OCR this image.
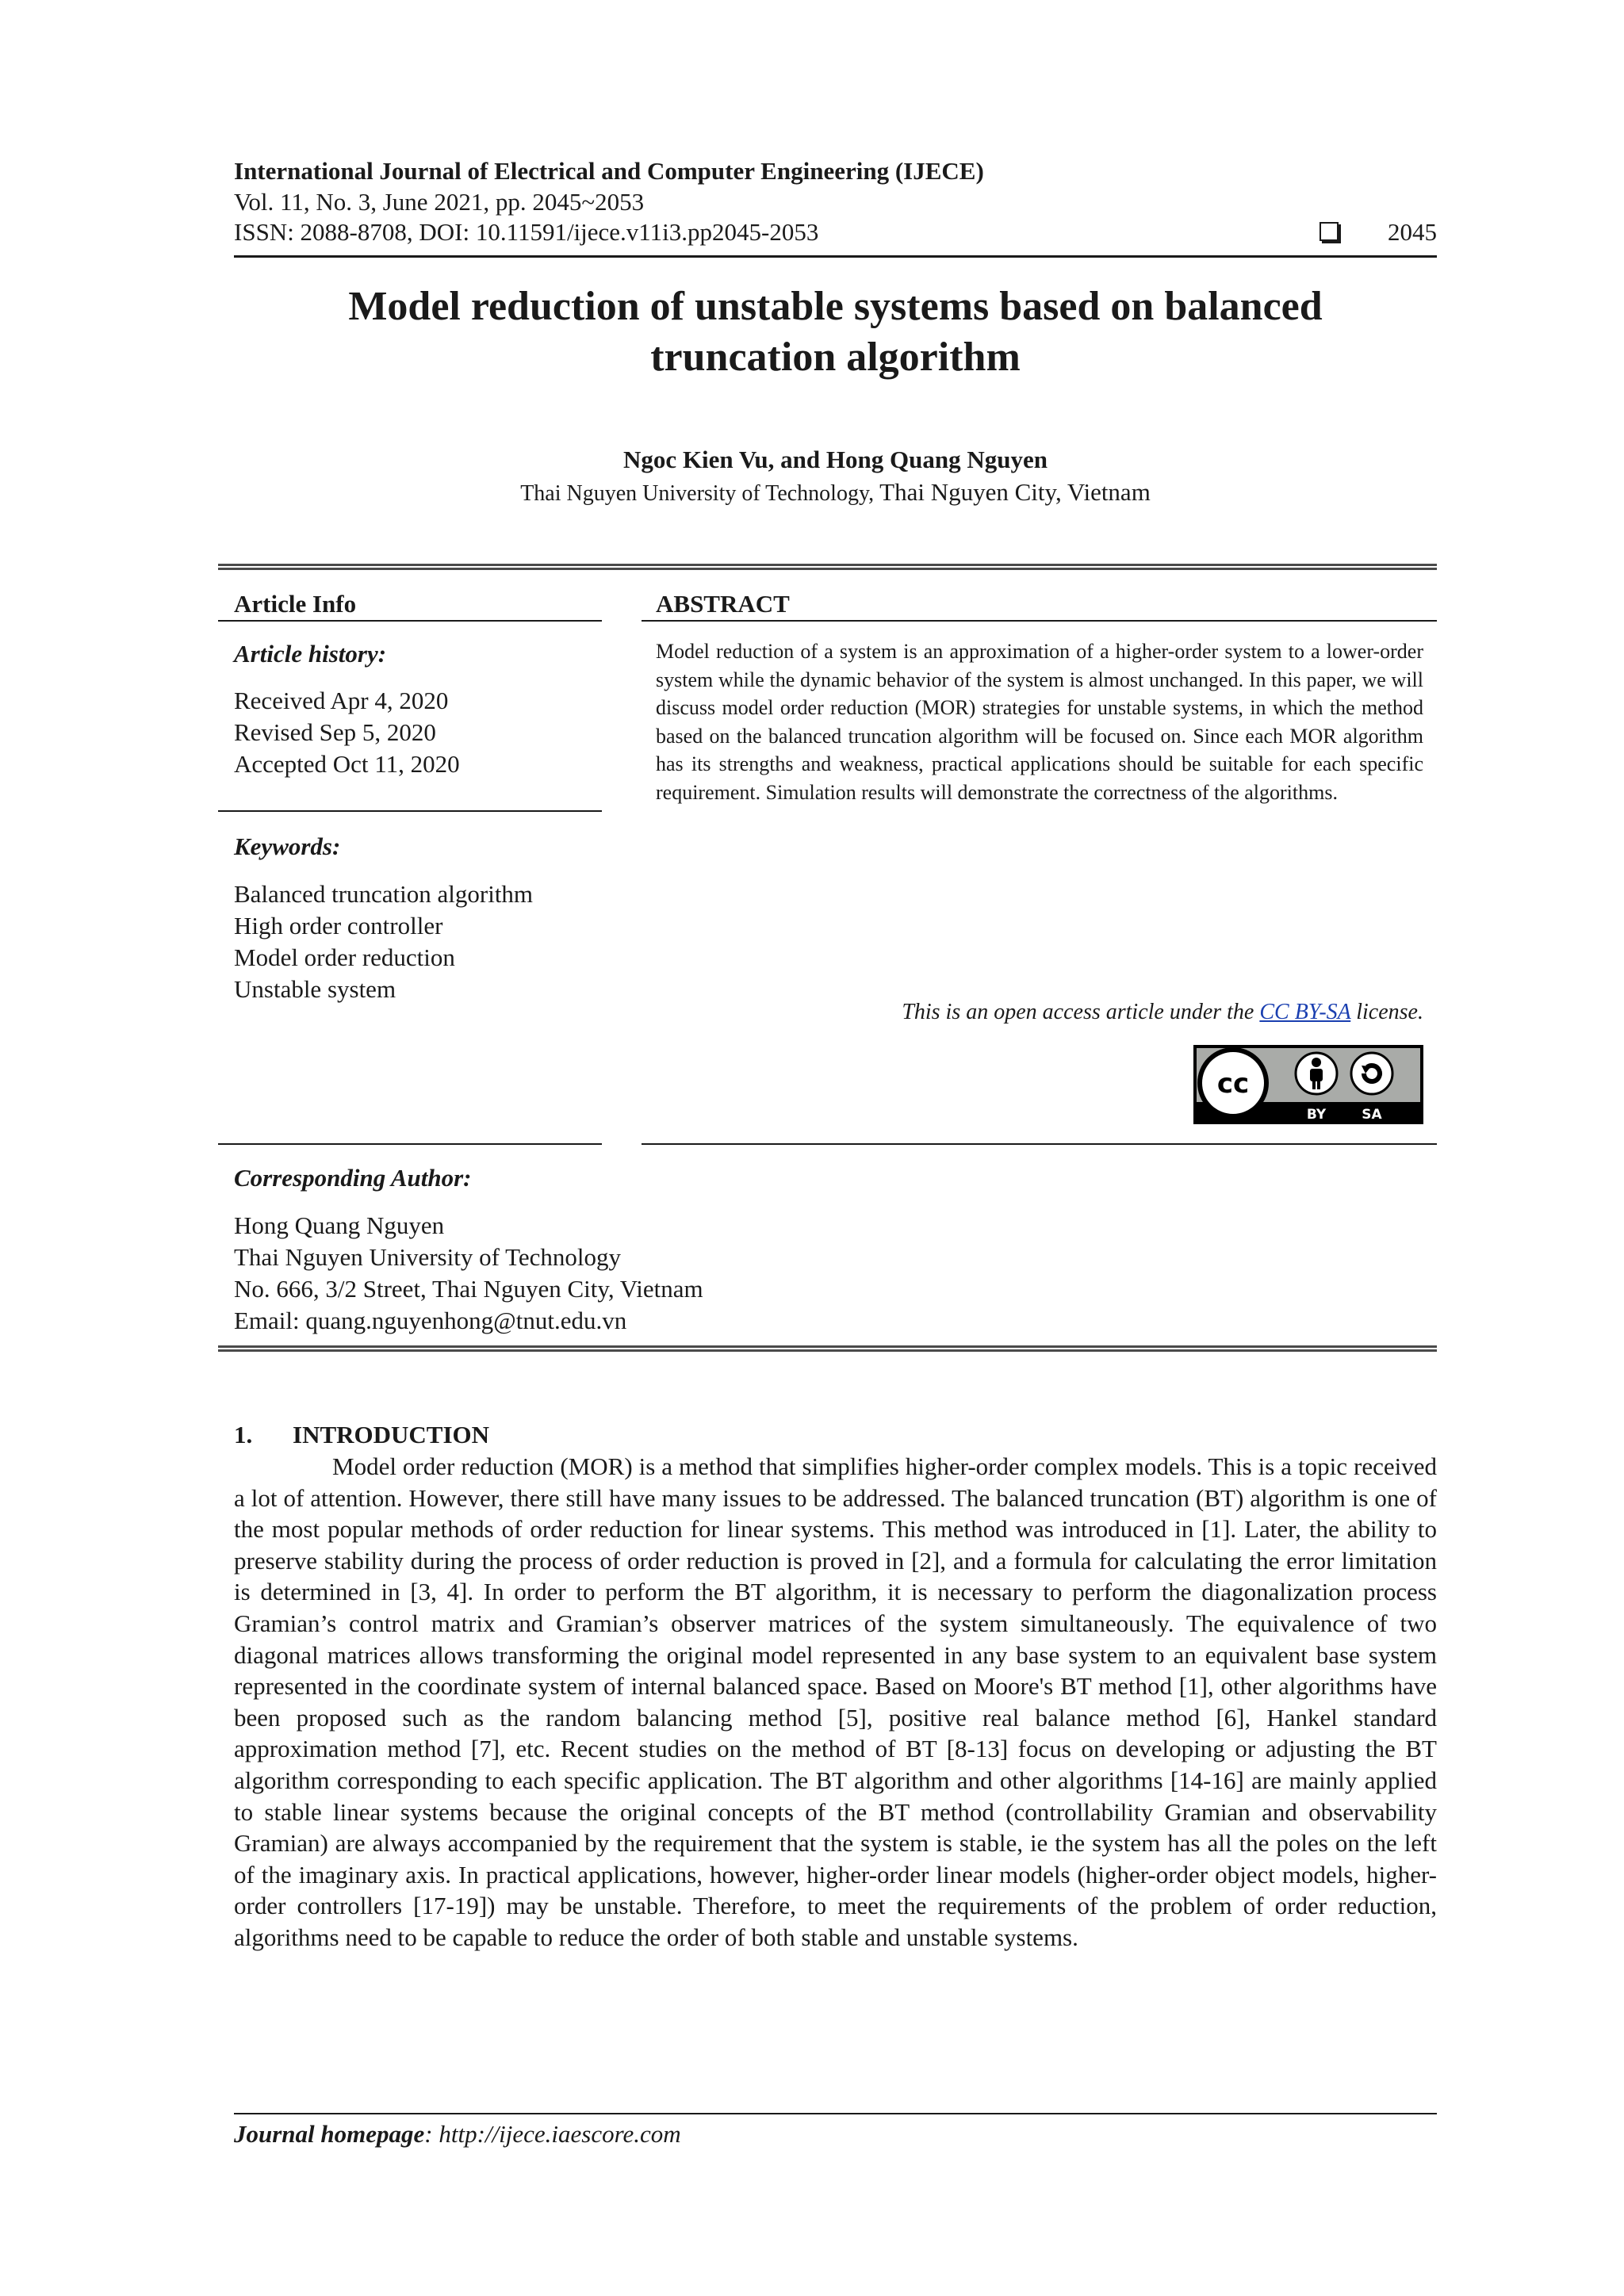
International Journal of Electrical and Computer Engineering (IJECE)
Vol. 11, No. 3, June 2021, pp. 2045~2053
ISSN: 2088-8708, DOI: 10.11591/ijece.v11i3.pp2045-2053	2045
Model reduction of unstable systems based on balanced
truncation algorithm
Ngoc Kien Vu, and Hong Quang Nguyen
Thai Nguyen University of Technology, Thai Nguyen City, Vietnam
Article Info	ABSTRACT
Article history:
Received Apr 4, 2020
Revised Sep 5, 2020
Accepted Oct 11, 2020
Keywords:
Balanced truncation algorithm
High order controller
Model order reduction
Unstable system
Model reduction of a system is an approximation of a higher-order system to a lower-order system while the dynamic behavior of the system is almost unchanged. In this paper, we will discuss model order reduction (MOR) strategies for unstable systems, in which the method based on the balanced truncation algorithm will be focused on. Since each MOR algorithm has its strengths and weakness, practical applications should be suitable for each specific requirement. Simulation results will demonstrate the correctness of the algorithms.
This is an open access article under the CC BY-SA license.
cc
BY	SA
Corresponding Author:
Hong Quang Nguyen
Thai Nguyen University of Technology
No. 666, 3/2 Street, Thai Nguyen City, Vietnam
Email: quang.nguyenhong@tnut.edu.vn
1. INTRODUCTION
Model order reduction (MOR) is a method that simplifies higher-order complex models. This is a topic received a lot of attention. However, there still have many issues to be addressed. The balanced truncation (BT) algorithm is one of the most popular methods of order reduction for linear systems. This method was introduced in [1]. Later, the ability to preserve stability during the process of order reduction is proved in [2], and a formula for calculating the error limitation is determined in [3, 4]. In order to perform the BT algorithm, it is necessary to perform the diagonalization process Gramian’s control matrix and Gramian’s observer matrices of the system simultaneously. The equivalence of two diagonal matrices allows transforming the original model represented in any base system to an equivalent base system represented in the coordinate system of internal balanced space. Based on Moore's BT method [1], other algorithms have been proposed such as the random balancing method [5], positive real balance method [6], Hankel standard approximation method [7], etc. Recent studies on the method of BT [8-13] focus on developing or adjusting the BT algorithm corresponding to each specific application. The BT algorithm and other algorithms [14-16] are mainly applied to stable linear systems because the original concepts of the BT method (controllability Gramian and observability Gramian) are always accompanied by the requirement that the system is stable, ie the system has all the poles on the left of the imaginary axis. In practical applications, however, higher-order linear models (higher-order object models, higher-order controllers [17-19]) may be unstable. Therefore, to meet the requirements of the problem of order reduction, algorithms need to be capable to reduce the order of both stable and unstable systems.
Journal homepage: http://ijece.iaescore.com
